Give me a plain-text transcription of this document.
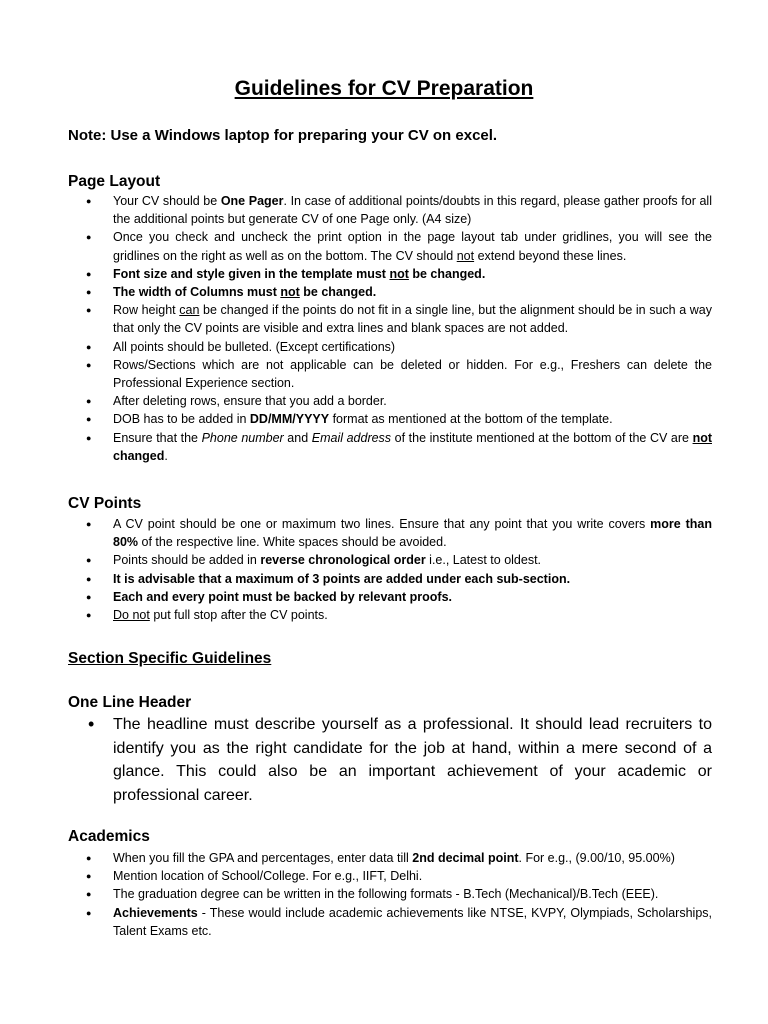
Guidelines for CV Preparation
Note: Use a Windows laptop for preparing your CV on excel.
Page Layout
● Your CV should be One Pager. In case of additional points/doubts in this regard, please gather proofs for all the additional points but generate CV of one Page only. (A4 size)
● Once you check and uncheck the print option in the page layout tab under gridlines, you will see the gridlines on the right as well as on the bottom. The CV should not extend beyond these lines.
● Font size and style given in the template must not be changed.
● The width of Columns must not be changed.
● Row height can be changed if the points do not fit in a single line, but the alignment should be in such a way that only the CV points are visible and extra lines and blank spaces are not added.
● All points should be bulleted. (Except certifications)
● Rows/Sections which are not applicable can be deleted or hidden. For e.g., Freshers can delete the Professional Experience section.
● After deleting rows, ensure that you add a border.
● DOB has to be added in DD/MM/YYYY format as mentioned at the bottom of the template.
● Ensure that the Phone number and Email address of the institute mentioned at the bottom of the CV are not changed.
CV Points
● A CV point should be one or maximum two lines. Ensure that any point that you write covers more than 80% of the respective line. White spaces should be avoided.
● Points should be added in reverse chronological order i.e., Latest to oldest.
● It is advisable that a maximum of 3 points are added under each sub-section.
● Each and every point must be backed by relevant proofs.
● Do not put full stop after the CV points.
Section Specific Guidelines
One Line Header
• The headline must describe yourself as a professional. It should lead recruiters to identify you as the right candidate for the job at hand, within a mere second of a glance. This could also be an important achievement of your academic or professional career.
Academics
● When you fill the GPA and percentages, enter data till 2nd decimal point. For e.g., (9.00/10, 95.00%)
● Mention location of School/College. For e.g., IIFT, Delhi.
● The graduation degree can be written in the following formats - B.Tech (Mechanical)/B.Tech (EEE).
● Achievements - These would include academic achievements like NTSE, KVPY, Olympiads, Scholarships, Talent Exams etc.
